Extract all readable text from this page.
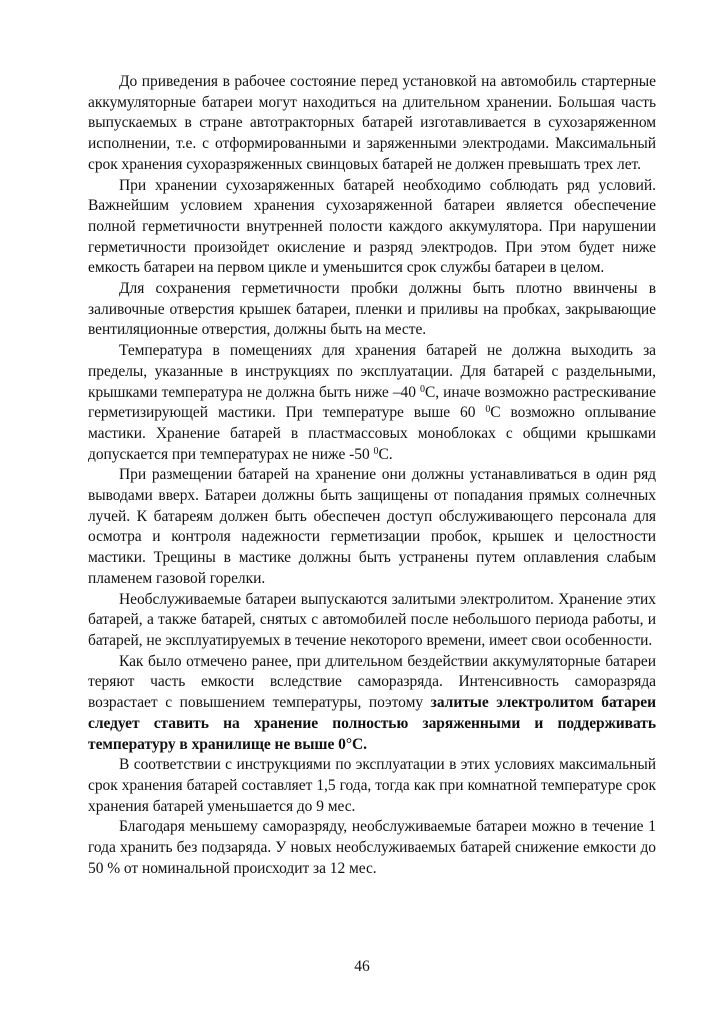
До приведения в рабочее состояние перед установкой на автомобиль стартерные аккумуляторные батареи могут находиться на длительном хранении. Большая часть выпускаемых в стране автотракторных батарей изготавливается в сухозаряженном исполнении, т.е. с отформированными и заряженными электродами. Максимальный срок хранения сухоразряженных свинцовых батарей не должен превышать трех лет.

При хранении сухозаряженных батарей необходимо соблюдать ряд условий. Важнейшим условием хранения сухозаряженной батареи является обеспечение полной герметичности внутренней полости каждого аккумулятора. При нарушении герметичности произойдет окисление и разряд электродов. При этом будет ниже емкость батареи на первом цикле и уменьшится срок службы батареи в целом.

Для сохранения герметичности пробки должны быть плотно ввинчены в заливочные отверстия крышек батареи, пленки и приливы на пробках, закрывающие вентиляционные отверстия, должны быть на месте.

Температура в помещениях для хранения батарей не должна выходить за пределы, указанные в инструкциях по эксплуатации. Для батарей с раздельными, крышками температура не должна быть ниже –40 $^0$С, иначе возможно растрескивание герметизирующей мастики. При температуре выше 60 $^0$С возможно оплывание мастики. Хранение батарей в пластмассовых моноблоках с общими крышками допускается при температурах не ниже -50 $^0$С.

При размещении батарей на хранение они должны устанавливаться в один ряд выводами вверх. Батареи должны быть защищены от попадания прямых солнечных лучей. К батареям должен быть обеспечен доступ обслуживающего персонала для осмотра и контроля надежности герметизации пробок, крышек и целостности мастики. Трещины в мастике должны быть устранены путем оплавления слабым пламенем газовой горелки.

Необслуживаемые батареи выпускаются залитыми электролитом. Хранение этих батарей, а также батарей, снятых с автомобилей после небольшого периода работы, и батарей, не эксплуатируемых в течение некоторого времени, имеет свои особенности.

Как было отмечено ранее, при длительном бездействии аккумуляторные батареи теряют часть емкости вследствие саморазряда. Интенсивность саморазряда возрастает с повышением температуры, поэтому залитые электролитом батареи следует ставить на хранение полностью заряженными и поддерживать температуру в хранилище не выше 0°С.

В соответствии с инструкциями по эксплуатации в этих условиях максимальный срок хранения батарей составляет 1,5 года, тогда как при комнатной температуре срок хранения батарей уменьшается до 9 мес.

Благодаря меньшему саморазряду, необслуживаемые батареи можно в течение 1 года хранить без подзаряда. У новых необслуживаемых батарей снижение емкости до 50 % от номинальной происходит за 12 мес.

46
